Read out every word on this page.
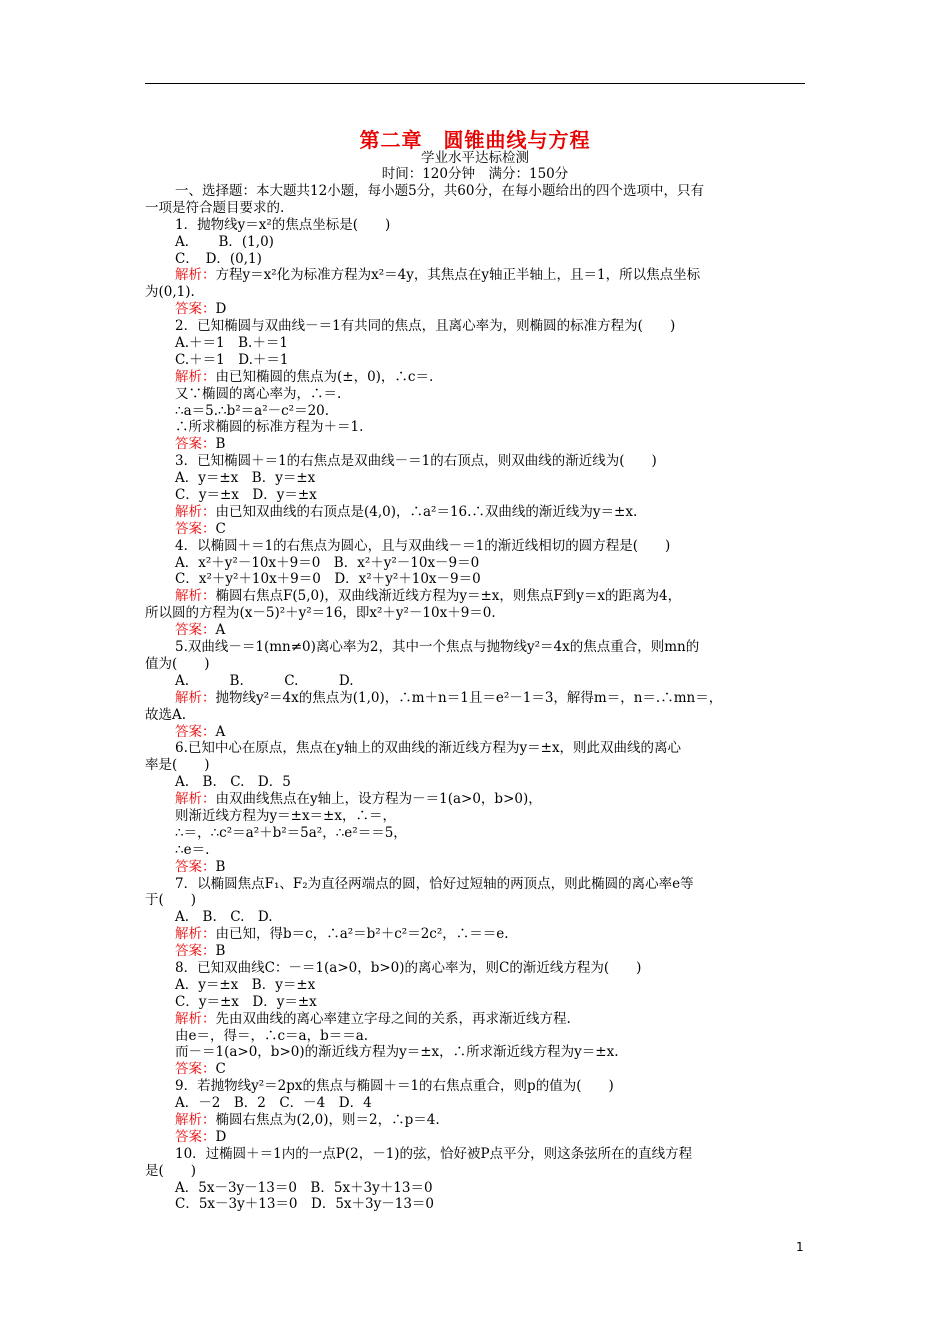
第二章　圆锥曲线与方程
学业水平达标检测
时间：120分钟　满分：150分
一、选择题：本大题共12小题，每小题5分，共60分，在每小题给出的四个选项中，只有
一项是符合题目要求的.
1．抛物线y＝x²的焦点坐标是(　　)
A．　　B．(1,0)
C．　D．(0,1)
解析：方程y＝x²化为标准方程为x²＝4y，其焦点在y轴正半轴上，且＝1，所以焦点坐标
为(0,1).
答案：D
2．已知椭圆与双曲线－＝1有共同的焦点，且离心率为，则椭圆的标准方程为(　　)
A.＋＝1　B.＋＝1
C.＋＝1　D.＋＝1
解析：由已知椭圆的焦点为(±，0)，∴c＝.
又∵椭圆的离心率为，∴＝.
∴a＝5.∴b²＝a²－c²＝20.
∴所求椭圆的标准方程为＋＝1.
答案：B
3．已知椭圆＋＝1的右焦点是双曲线－＝1的右顶点，则双曲线的渐近线为(　　)
A．y＝±x　B．y＝±x
C．y＝±x　D．y＝±x
解析：由已知双曲线的右顶点是(4,0)，∴a²＝16.∴双曲线的渐近线为y＝±x.
答案：C
4．以椭圆＋＝1的右焦点为圆心，且与双曲线－＝1的渐近线相切的圆方程是(　　)
A．x²＋y²－10x＋9＝0　B．x²＋y²－10x－9＝0
C．x²＋y²＋10x＋9＝0　D．x²＋y²＋10x－9＝0
解析：椭圆右焦点F(5,0)，双曲线渐近线方程为y＝±x，则焦点F到y＝x的距离为4，
所以圆的方程为(x－5)²＋y²＝16，即x²＋y²－10x＋9＝0.
答案：A
5.双曲线－＝1(mn≠0)离心率为2，其中一个焦点与抛物线y²＝4x的焦点重合，则mn的
值为(　　)
A.　　　B.　　　C.　　　D.
解析：抛物线y²＝4x的焦点为(1,0)，∴m＋n＝1且＝e²－1＝3，解得m＝，n＝.∴mn＝，
故选A.
答案：A
6.已知中心在原点，焦点在y轴上的双曲线的渐近线方程为y＝±x，则此双曲线的离心
率是(　　)
A.　B.　C.　D．5
解析：由双曲线焦点在y轴上，设方程为－＝1(a>0，b>0)，
则渐近线方程为y＝±x＝±x，∴＝，
∴＝，∴c²＝a²＋b²＝5a²，∴e²＝＝5，
∴e＝.
答案：B
7．以椭圆焦点F₁、F₂为直径两端点的圆，恰好过短轴的两顶点，则此椭圆的离心率e等
于(　　)
A.　B.　C.　D.
解析：由已知，得b＝c，∴a²＝b²＋c²＝2c²，∴＝＝e.
答案：B
8．已知双曲线C：－＝1(a>0，b>0)的离心率为，则C的渐近线方程为(　　)
A．y＝±x　B．y＝±x
C．y＝±x　D．y＝±x
解析：先由双曲线的离心率建立字母之间的关系，再求渐近线方程.
由e＝，得＝，∴c＝a，b＝＝a.
而－＝1(a>0，b>0)的渐近线方程为y＝±x，∴所求渐近线方程为y＝±x.
答案：C
9．若抛物线y²＝2px的焦点与椭圆＋＝1的右焦点重合，则p的值为(　　)
A．－2　B．2　C．－4　D．4
解析：椭圆右焦点为(2,0)，则＝2，∴p＝4.
答案：D
10．过椭圆＋＝1内的一点P(2，－1)的弦，恰好被P点平分，则这条弦所在的直线方程
是(　　)
A．5x－3y－13＝0　B．5x＋3y＋13＝0
C．5x－3y＋13＝0　D．5x＋3y－13＝0
1
